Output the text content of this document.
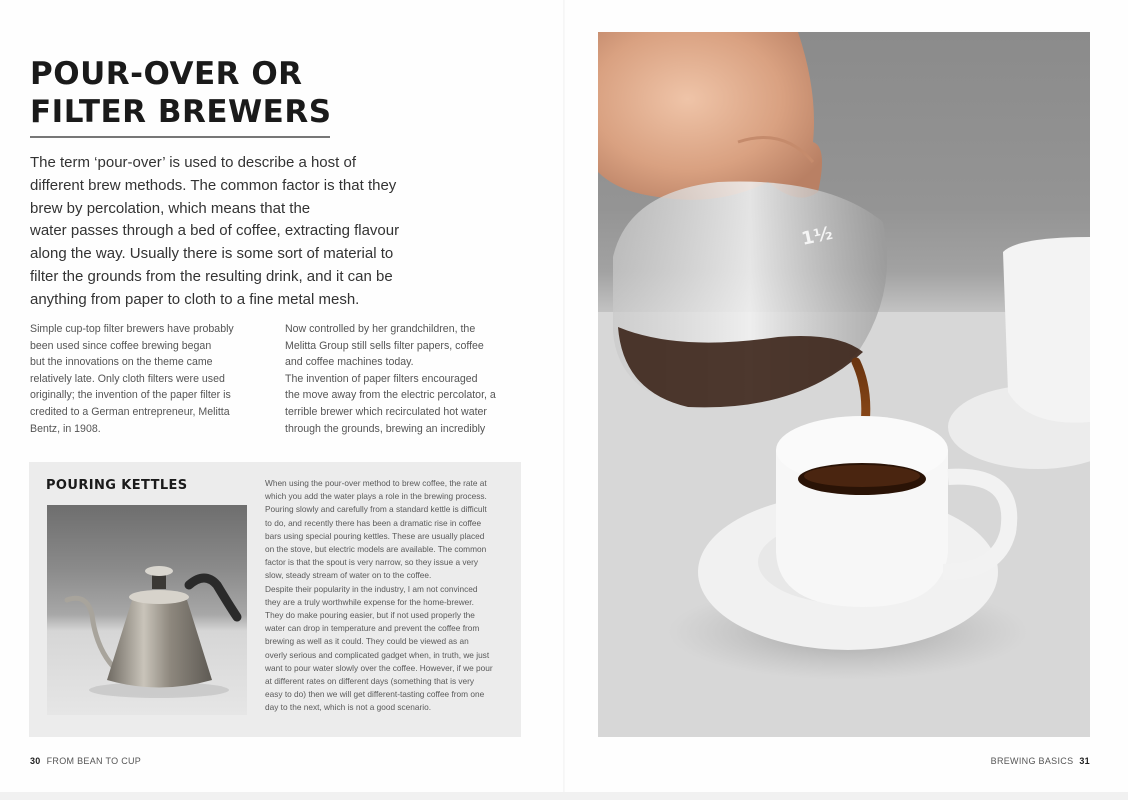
POUR-OVER OR
FILTER BREWERS

The term ‘pour-over’ is used to describe a host of
different brew methods. The common factor is that they
brew by percolation, which means that the
water passes through a bed of coffee, extracting flavour
along the way. Usually there is some sort of material to
filter the grounds from the resulting drink, and it can be
anything from paper to cloth to a fine metal mesh.

Simple cup-top filter brewers have probably
been used since coffee brewing began
but the innovations on the theme came
relatively late. Only cloth filters were used
originally; the invention of the paper filter is
credited to a German entrepreneur, Melitta
Bentz, in 1908.

Now controlled by her grandchildren, the
Melitta Group still sells filter papers, coffee
and coffee machines today.
The invention of paper filters encouraged
the move away from the electric percolator, a
terrible brewer which recirculated hot water
through the grounds, brewing an incredibly

POURING KETTLES	When using the pour-over method to brew coffee, the rate at
which you add the water plays a role in the brewing process.
Pouring slowly and carefully from a standard kettle is difficult
to do, and recently there has been a dramatic rise in coffee
bars using special pouring kettles. These are usually placed
on the stove, but electric models are available. The common
factor is that the spout is very narrow, so they issue a very
slow, steady stream of water on to the coffee.
Despite their popularity in the industry, I am not convinced
they are a truly worthwhile expense for the home-brewer.
They do make pouring easier, but if not used properly the
water can drop in temperature and prevent the coffee from
brewing as well as it could. They could be viewed as an
overly serious and complicated gadget when, in truth, we just
want to pour water slowly over the coffee. However, if we pour
at different rates on different days (something that is very
easy to do) then we will get different-tasting coffee from one
day to the next, which is not a good scenario.

30 FROM BEAN TO CUP
1½
BREWING BASICS 31
